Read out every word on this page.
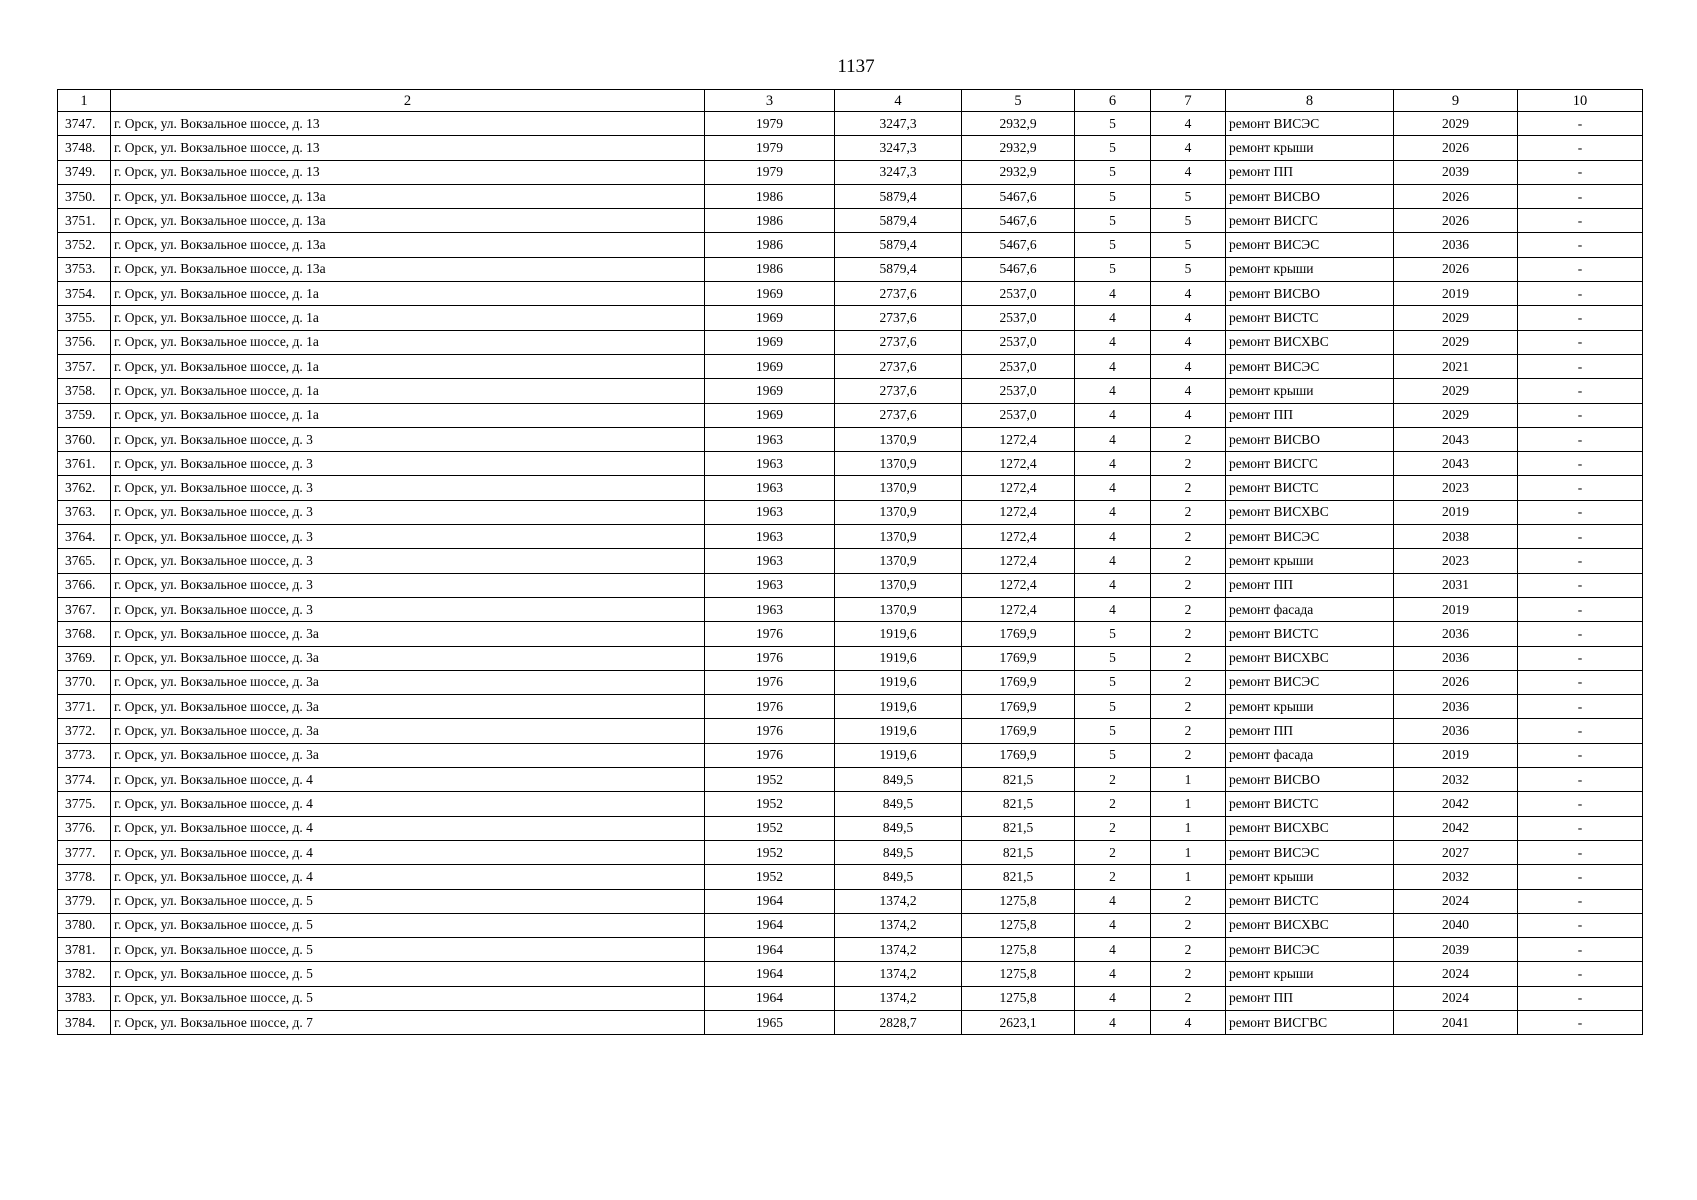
1137
1	2	3	4	5	6	7	8	9	10
3747.	г. Орск, ул. Вокзальное шоссе, д. 13	1979	3247,3	2932,9	5	4	ремонт ВИСЭС	2029	-
3748.	г. Орск, ул. Вокзальное шоссе, д. 13	1979	3247,3	2932,9	5	4	ремонт крыши	2026	-
3749.	г. Орск, ул. Вокзальное шоссе, д. 13	1979	3247,3	2932,9	5	4	ремонт ПП	2039	-
3750.	г. Орск, ул. Вокзальное шоссе, д. 13а	1986	5879,4	5467,6	5	5	ремонт ВИСВО	2026	-
3751.	г. Орск, ул. Вокзальное шоссе, д. 13а	1986	5879,4	5467,6	5	5	ремонт ВИСГС	2026	-
3752.	г. Орск, ул. Вокзальное шоссе, д. 13а	1986	5879,4	5467,6	5	5	ремонт ВИСЭС	2036	-
3753.	г. Орск, ул. Вокзальное шоссе, д. 13а	1986	5879,4	5467,6	5	5	ремонт крыши	2026	-
3754.	г. Орск, ул. Вокзальное шоссе, д. 1а	1969	2737,6	2537,0	4	4	ремонт ВИСВО	2019	-
3755.	г. Орск, ул. Вокзальное шоссе, д. 1а	1969	2737,6	2537,0	4	4	ремонт ВИСТС	2029	-
3756.	г. Орск, ул. Вокзальное шоссе, д. 1а	1969	2737,6	2537,0	4	4	ремонт ВИСХВС	2029	-
3757.	г. Орск, ул. Вокзальное шоссе, д. 1а	1969	2737,6	2537,0	4	4	ремонт ВИСЭС	2021	-
3758.	г. Орск, ул. Вокзальное шоссе, д. 1а	1969	2737,6	2537,0	4	4	ремонт крыши	2029	-
3759.	г. Орск, ул. Вокзальное шоссе, д. 1а	1969	2737,6	2537,0	4	4	ремонт ПП	2029	-
3760.	г. Орск, ул. Вокзальное шоссе, д. 3	1963	1370,9	1272,4	4	2	ремонт ВИСВО	2043	-
3761.	г. Орск, ул. Вокзальное шоссе, д. 3	1963	1370,9	1272,4	4	2	ремонт ВИСГС	2043	-
3762.	г. Орск, ул. Вокзальное шоссе, д. 3	1963	1370,9	1272,4	4	2	ремонт ВИСТС	2023	-
3763.	г. Орск, ул. Вокзальное шоссе, д. 3	1963	1370,9	1272,4	4	2	ремонт ВИСХВС	2019	-
3764.	г. Орск, ул. Вокзальное шоссе, д. 3	1963	1370,9	1272,4	4	2	ремонт ВИСЭС	2038	-
3765.	г. Орск, ул. Вокзальное шоссе, д. 3	1963	1370,9	1272,4	4	2	ремонт крыши	2023	-
3766.	г. Орск, ул. Вокзальное шоссе, д. 3	1963	1370,9	1272,4	4	2	ремонт ПП	2031	-
3767.	г. Орск, ул. Вокзальное шоссе, д. 3	1963	1370,9	1272,4	4	2	ремонт фасада	2019	-
3768.	г. Орск, ул. Вокзальное шоссе, д. 3а	1976	1919,6	1769,9	5	2	ремонт ВИСТС	2036	-
3769.	г. Орск, ул. Вокзальное шоссе, д. 3а	1976	1919,6	1769,9	5	2	ремонт ВИСХВС	2036	-
3770.	г. Орск, ул. Вокзальное шоссе, д. 3а	1976	1919,6	1769,9	5	2	ремонт ВИСЭС	2026	-
3771.	г. Орск, ул. Вокзальное шоссе, д. 3а	1976	1919,6	1769,9	5	2	ремонт крыши	2036	-
3772.	г. Орск, ул. Вокзальное шоссе, д. 3а	1976	1919,6	1769,9	5	2	ремонт ПП	2036	-
3773.	г. Орск, ул. Вокзальное шоссе, д. 3а	1976	1919,6	1769,9	5	2	ремонт фасада	2019	-
3774.	г. Орск, ул. Вокзальное шоссе, д. 4	1952	849,5	821,5	2	1	ремонт ВИСВО	2032	-
3775.	г. Орск, ул. Вокзальное шоссе, д. 4	1952	849,5	821,5	2	1	ремонт ВИСТС	2042	-
3776.	г. Орск, ул. Вокзальное шоссе, д. 4	1952	849,5	821,5	2	1	ремонт ВИСХВС	2042	-
3777.	г. Орск, ул. Вокзальное шоссе, д. 4	1952	849,5	821,5	2	1	ремонт ВИСЭС	2027	-
3778.	г. Орск, ул. Вокзальное шоссе, д. 4	1952	849,5	821,5	2	1	ремонт крыши	2032	-
3779.	г. Орск, ул. Вокзальное шоссе, д. 5	1964	1374,2	1275,8	4	2	ремонт ВИСТС	2024	-
3780.	г. Орск, ул. Вокзальное шоссе, д. 5	1964	1374,2	1275,8	4	2	ремонт ВИСХВС	2040	-
3781.	г. Орск, ул. Вокзальное шоссе, д. 5	1964	1374,2	1275,8	4	2	ремонт ВИСЭС	2039	-
3782.	г. Орск, ул. Вокзальное шоссе, д. 5	1964	1374,2	1275,8	4	2	ремонт крыши	2024	-
3783.	г. Орск, ул. Вокзальное шоссе, д. 5	1964	1374,2	1275,8	4	2	ремонт ПП	2024	-
3784.	г. Орск, ул. Вокзальное шоссе, д. 7	1965	2828,7	2623,1	4	4	ремонт ВИСГВС	2041	-
